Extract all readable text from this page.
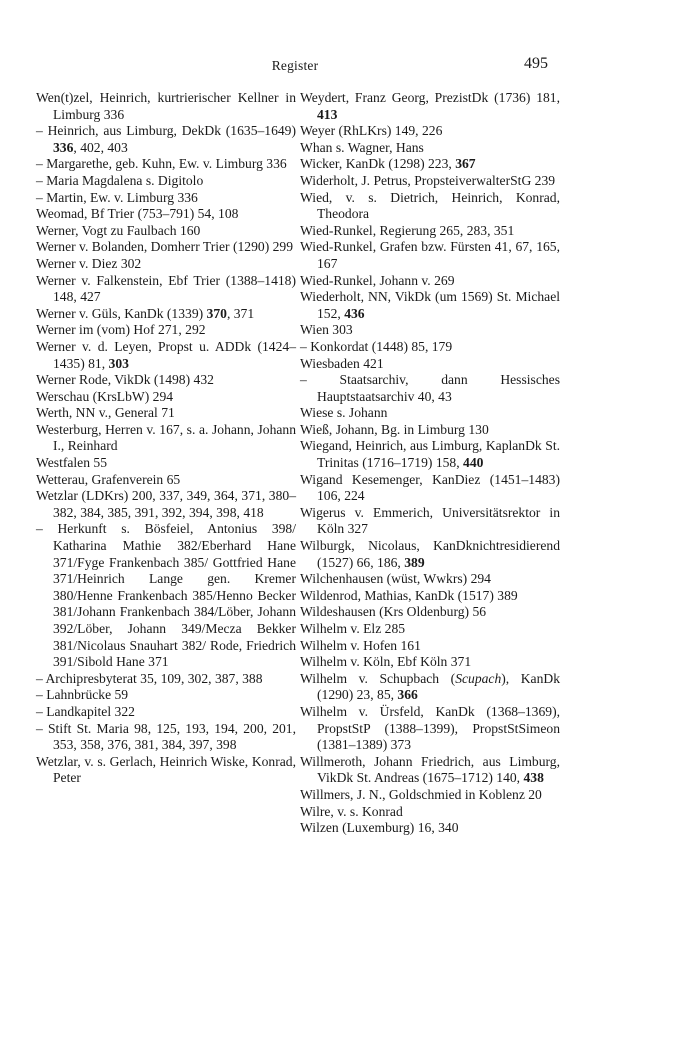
Register	495

Wen(t)zel, Heinrich, kurtrierischer Kellner in Limburg 336

– Heinrich, aus Limburg, DekDk (1635–1649) 336, 402, 403

– Margarethe, geb. Kuhn, Ew. v. Limburg 336

– Maria Magdalena s. Digitolo

– Martin, Ew. v. Limburg 336

Weomad, Bf Trier (753–791) 54, 108

Werner, Vogt zu Faulbach 160

Werner v. Bolanden, Domherr Trier (1290) 299

Werner v. Diez 302

Werner v. Falkenstein, Ebf Trier (1388–1418) 148, 427

Werner v. Güls, KanDk (1339) 370, 371

Werner im (vom) Hof 271, 292

Werner v. d. Leyen, Propst u. ADDk (1424–1435) 81, 303

Werner Rode, VikDk (1498) 432

Werschau (KrsLbW) 294

Werth, NN v., General 71

Westerburg, Herren v. 167, s. a. Johann, Johann I., Reinhard

Westfalen 55

Wetterau, Grafenverein 65

Wetzlar (LDKrs) 200, 337, 349, 364, 371, 380–382, 384, 385, 391, 392, 394, 398, 418

– Herkunft s. Bösfeiel, Antonius 398/ Katharina Mathie 382/Eberhard Hane 371/Fyge Frankenbach 385/ Gottfried Hane 371/Heinrich Lange gen. Kremer 380/Henne Frankenbach 385/Henno Becker 381/Johann Frankenbach 384/Löber, Johann 392/Löber, Johann 349/Mecza Bekker 381/Nicolaus Snauhart 382/ Rode, Friedrich 391/Sibold Hane 371

– Archipresbyterat 35, 109, 302, 387, 388

– Lahnbrücke 59

– Landkapitel 322

– Stift St. Maria 98, 125, 193, 194, 200, 201, 353, 358, 376, 381, 384, 397, 398

Wetzlar, v. s. Gerlach, Heinrich Wiske, Konrad, Peter

Weydert, Franz Georg, PrezistDk (1736) 181, 413

Weyer (RhLKrs) 149, 226

Whan s. Wagner, Hans

Wicker, KanDk (1298) 223, 367

Widerholt, J. Petrus, PropsteiverwalterStG 239

Wied, v. s. Dietrich, Heinrich, Konrad, Theodora

Wied-Runkel, Regierung 265, 283, 351

Wied-Runkel, Grafen bzw. Fürsten 41, 67, 165, 167

Wied-Runkel, Johann v. 269

Wiederholt, NN, VikDk (um 1569) St. Michael 152, 436

Wien 303

– Konkordat (1448) 85, 179

Wiesbaden 421

– Staatsarchiv, dann Hessisches Hauptstaatsarchiv 40, 43

Wiese s. Johann

Wieß, Johann, Bg. in Limburg 130

Wiegand, Heinrich, aus Limburg, KaplanDk St. Trinitas (1716–1719) 158, 440

Wigand Kesemenger, KanDiez (1451–1483) 106, 224

Wigerus v. Emmerich, Universitätsrektor in Köln 327

Wilburgk, Nicolaus, KanDknichtresidierend (1527) 66, 186, 389

Wilchenhausen (wüst, Wwkrs) 294

Wildenrod, Mathias, KanDk (1517) 389

Wildeshausen (Krs Oldenburg) 56

Wilhelm v. Elz 285

Wilhelm v. Hofen 161

Wilhelm v. Köln, Ebf Köln 371

Wilhelm v. Schupbach (Scupach), KanDk (1290) 23, 85, 366

Wilhelm v. Ürsfeld, KanDk (1368–1369), PropstStP (1388–1399), PropstStSimeon (1381–1389) 373

Willmeroth, Johann Friedrich, aus Limburg, VikDk St. Andreas (1675–1712) 140, 438

Willmers, J. N., Goldschmied in Koblenz 20

Wilre, v. s. Konrad

Wilzen (Luxemburg) 16, 340
